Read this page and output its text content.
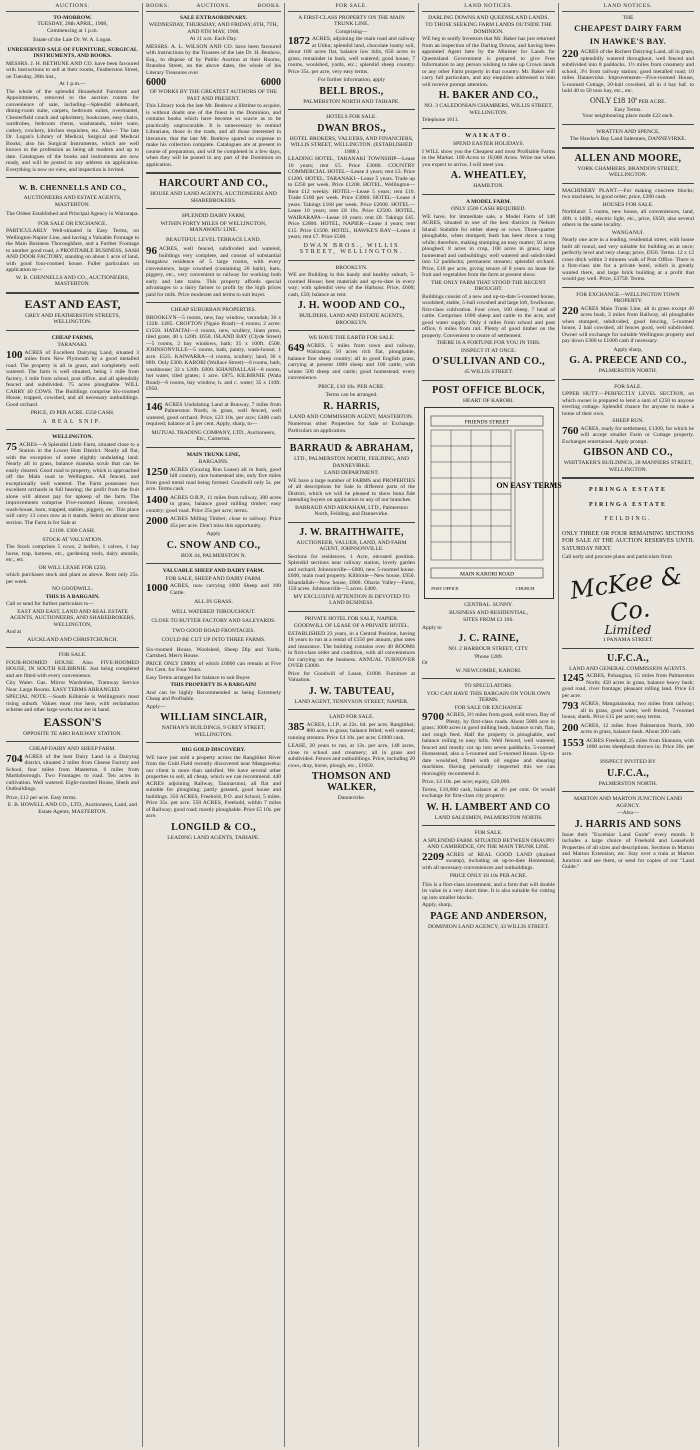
AUCTIONS.
TO-MORROW.
TUESDAY, 28th APRIL, 1908,
Commencing at 1 p.m.
Estate of the Late Dr. W. A. Logan.
UNRESERVED SALE OF FURNITURE, SURGICAL INSTRUMENTS, AND BOOKS.
MESSRS. J. H. BETHUNE AND CO. have been favoured with instructions to sell at their rooms, Featherston Street, on Tuesday, 28th inst.,
At 1 p.m.—
The whole of the splendid Household Furniture and Appointments, removed to the auction rooms for convenience of sale, including—Splendid sideboard, dining-room suite, carpets, bedroom suites, overmantel, Chesterfield couch and upholstery, bookcases, easy chairs, wardrobes, bedroom chests, washstands, toilet ware, cutlery, crockery, kitchen requisites, etc. Also— The late Dr. Logan's Library of Medical, Surgical and Medical Books; also his Surgical Instruments, which are well known to the profession as being all modern and up to date. Catalogues of the books and instruments are now ready, and will be posted to any address on application. Everything is now on view, and inspection is invited.
W. B. CHENNELLS AND CO.,
AUCTIONEERS AND ESTATE AGENTS, MASTERTON.
The Oldest Established and Principal Agency in Wairarapa.
FOR SALE OR EXCHANGE.
PARTICULARLY Well-situated in Easy Terms, on Wellington-Napier Line, and having a Valuable Frontage to the Main Business Thoroughfare, and a Further Frontage to another good road, a PROFITABLE BUSINESS, SASH AND DOOR FACTORY, standing on about 1 acre of land, with good four-roomed house. Fuller particulars on application to—
W. B. CHENNELLS AND CO., AUCTIONEERS, MASTERTON.
EAST AND EAST,
GREY AND FEATHERSTON STREETS, WELLINGTON.
CHEAP FARMS,
TARANAKI.
100 ACRES of Excellent Dairying Land, situated 3 miles from New Plymouth by a good metalled road. The property is all in grass, and completely well watered. The farm is well situated, being 1 mile from factory, 1 mile from school, post office, and all splendidly fenced and subdivided. 75 acres ploughable. WILL CARRY 40 COWS. The Buildings comprise Six-roomed House, trapped, cowshed, and all necessary outbuildings. Good orchard.
PRICE, £9 PER ACRE. £550 CASH.
A REAL SNIP.
WELLINGTON.
75 ACRES—A Splendid Little Farm, situated close to a Station in the Lower Hutt District. Nearly all flat, with the exception of some slightly undulating land. Nearly all in grass, balance manuka scrub that can be easily cleared. Good road to property, which is approached off the Main road to Wellington. All fenced, and exceptionally well watered. The Farm possesses two excellent orchards in full bearing; the profit from the fruit alone will almost pay for upkeep of the farm. The improvements comprise Five-roomed House, cowshed, wash-house, barn, trapped, stables, piggery, etc. This place will carry 13 cows now as it stands. Select on almost next section. The Farm is for Sale at
£1100. £300 CASH.
STOCK AT VALUATION.
The Stock comprises 5 cows, 2 heifers, 1 calves, 1 bay horse, trap, harness, etc., gardening tools, dairy utensils, etc., etc.
OR WILL LEASE FOR £250,
which purchases stock and plant as above. Rent only 25s. per week.
NO GOODWILL.
THIS IS A BARGAIN.
Call or send for further particulars to—
EAST AND EAST, LAND AND REAL ESTATE AGENTS, AUCTIONEERS, AND SHAREBROKERS, WELLINGTON,
And at
AUCKLAND AND CHRISTCHURCH.
FOR SALE.
FOUR-ROOMED HOUSE. Also FIVE-ROOMED HOUSE, IN SOUTH KILBIRNIE. Just being completed and are fitted with every convenience.
City Water. Gas. Mirror Wardrobes, Tramway Service Near. Large Rooms. EASY TERMS ARRANGED.
SPECIAL NOTE.—South Kilbirnie is Wellington's most rising suburb. Values must rise here, with reclamation scheme and other large works that are in hand.
EASSON'S
OPPOSITE TE ARO RAILWAY STATION.
CHEAP DAIRY AND SHEEP FARM.
704 ACRES of the best Dairy Land in a Dairying district, situated 2 miles from Cheese Factory and School, four miles from Masterton. 6 miles from Martinborough. Two Frontages to road. Ten acres in cultivation. Well watered. Eight-roomed House, Sheds and Outbuildings.
Price, £12 per acre. Easy terms.
E. B. HOWELL AND CO., LTD., Auctioneers, Land, and Estate Agents, MASTERTON.
BOOKS.	AUCTIONS.	BOOKS.
SALE EXTRAORDINARY.
WEDNESDAY, THURSDAY, AND FRIDAY, 6TH, 7TH, AND 8TH MAY, 1908.
At 11 a.m. Each Day.
MESSRS. A. L. WILSON AND CO. have been favoured with instructions by the Trustees of the late Dr. H. Benhow, Esq., to dispose of by Public Auction at their Rooms, Brandon Street, on the above dates, the whole of his Literary Treasures over
6000	6000
OF WORKS BY THE GREATEST AUTHORS OF THE PAST AND PRESENT.
This Library took the late Mr. Benbow a lifetime to acquire, is without doubt one of the finest in the Dominion, and contains books which have become so scarce as to be practically unprocurable. It is unnecessary to remind Librarians, those in the trade, and all those interested in literature, that the late Mr. Benbow spared no expense to make his collection complete. Catalogues are at present in course of preparation, and will be completed in a few days, when they will be posted to any part of the Dominion on application.
HARCOURT AND CO.,
HOUSE AND LAND AGENTS, AUCTIONEERS AND SHAREBROKERS.
SPLENDID DAIRY FARM,
WITHIN FORTY MILES OF WELLINGTON, MANAWATU LINE.
BEAUTIFUL LEVEL TERRACE LAND.
96 ACRES, well fenced, subdivided and watered, buildings very complete, and consist of substantial bungalow residence of 5 large rooms, with every convenience, large cowshed (containing 20 bails), barn, piggery, etc., very convenient to railway for working both early and late trains. This property affords special advantages to a dairy farmer to profit by the high prices paid for milk. Price moderate and terms to suit buyer.
CHEAP SUBURBAN PROPERTIES.
BROOKLYN—5 rooms, new, bay window, verandah; 36 x 132ft. £485. CROFTON (Ngaio Road)—4 rooms; 2 acres. £1550. HATAITAI—4 rooms, new, scullery, linen press, tiled grate; 40 x 120ft. £650. ISLAND BAY (Clyde Street)—5 rooms, 2 bay windows, bath; 35 x 100ft. £500. JOHNSONVILLE—5 rooms, bath, pantry, wash-house; 1 acre. £525. KAIWARRA—4 rooms, scullery; land, 30 x 88ft. Only £300. KARORI (Wallace Street)—6 rooms, bath, washhouse; 33 x 126ft. £600. KHANDALLAH—8 rooms, hot water, tiled grates; 1 acre. £875. KILBIRNIE (Wala Road)—6 rooms, bay window, h. and c. water; 35 x 110ft. £950.
146 ACRES Undulating Land at Runway, 7 miles from Palmerston North; in grass, well fenced, well watered, good orchard. Price, £23 10s. per acre; £400 cash required; balance at 5 per cent. Apply, sharp, to—
MUTUAL TRADING COMPANY, LTD., Auctioneers, Etc., Carterton.
MAIN TRUNK LINE,
BARGAINS.
1250 ACRES (Grazing Run Lease) all in bush, good hill country, nice homestead site, only five miles from good metal road being formed. Goodwill only 5s. per acre. Terms cash.
1400 ACRES O.R.P., 11 miles from railway, 300 acres in grass, balance good milling timber; easy country; good road. Price 25s per acre; terms.
2000 ACRES Milling Timber, close to railway. Price 45s per acre. Don't miss this opportunity.
Apply
C. SNOW AND CO.,
BOX 44, PALMERSTON N.
VALUABLE SHEEP AND DAIRY FARM.
FOR SALE, SHEEP AND DAIRY FARM.
1000 ACRES, now carrying 1600 Sheep and 100 Cattle.
ALL IN GRASS.
WELL WATERED THROUGHOUT.
CLOSE TO BUTTER FACTORY AND SALEYARDS.
TWO GOOD ROAD FRONTAGES.
COULD BE CUT UP INTO THREE FARMS.
Six-roomed House, Woolshed, Sheep Dip and Yards, Cartshed, Men's House.
PRICE ONLY £8000; of which £6000 can remain at Five Per Cent. for Four Years.
Easy Terms arranged for balance to suit Buyer.
THIS PROPERTY IS A BARGAIN!
And can be highly Recommended as being Extremely Cheap and Profitable.
Apply—
WILLIAM SINCLAIR,
NATHAN'S BUILDINGS, 9 GREY STREET, WELLINGTON.
BIG GOLD DISCOVERY.
WE have just sold a property across the Rangitikei River from the Gold Field recently discovered near Mangaweka; our client is more than satisfied. We have several other properties to sell, all cheap, which we can recommend. 440 ACRES adjoining Railway, Taumarunui, all flat and suitable for ploughing; partly grassed, good house and buildings. 350 ACRES, Freehold, P.O. and School, 5 miles. Price 35s. per acre. 550 ACRES, Freehold, within 7 miles of Railway; good road; mostly ploughable. Price £5 10s. per acre.
LONGILD & CO.,
LEADING LAND AGENTS, TAIHAPE.
FOR SALE.
A FIRST-CLASS PROPERTY ON THE MAIN TRUNK LINE.
Comprising—
1872 ACRES, adjoining the main road and railway at Utiku; splendid land, chocolate loamy soil, about 180 acres flat, balance low hills, 650 acres in grass, remainder in bush, well watered; good house, 7 rooms, woolshed, yards, etc.; splendid sheep country. Price 35s. per acre, very easy terms.
For further information, apply
BELL BROS.,
PALMERSTON NORTH AND TAIHAPE.
HOTELS FOR SALE.
DWAN BROS.,
HOTEL BROKERS, VALUERS, AND FINANCIERS, WILLIS STREET, WELLINGTON. (ESTABLISHED 1888.)
LEADING HOTEL, TARANAKI TOWNSHIP—Lease 10 years; rent £5. Price £3000. COUNTRY COMMERCIAL HOTEL—Lease 4 years; rent £3. Price £1200. HOTEL, TARANAKI—Lease 5 years. Trade up to £250 per week. Price £1200. HOTEL, Wellington—Rent £12 weekly. HOTEL—Lease 5 years; rent £10. Trade £100 per week. Price £3000. HOTEL—Lease 4 years. Takings £168 per week. Price £2600. HOTEL—Lease 10 years; rent £8 10s. Price £2500. HOTEL, WAIRARAPA—Lease 10 years; rent £8. Takings £45. Price £2800. HOTEL, NAPIER—Lease 4 years; rent £15. Price £1500. HOTEL, HAWKE'S BAY—Lease 4 years; rent £7. Price £500.
DWAN BROS., WILLIS STREET, WELLINGTON.
BROOKLYN.
WE are Building in this handy and healthy suburb, 5-roomed House; best materials and up-to-date in every way; with splendid view of the Harbour. Price, £600; cash, £50; balance as rent.
J. H. WOOD AND CO.,
BUILDERS, LAND AND ESTATE AGENTS, BROOKLYN.
WE HAVE THE EARTH FOR SALE.
649 ACRES, 5 miles from town and railway, Wairarapa; 50 acres rich flat, ploughable, balance fine sheep country; all in good English grass, carrying at present 1000 sheep and 100 cattle, with winter 500 sheep and cattle; good homestead; every convenience.
PRICE, £10 10s. PER ACRE.
Terms can be arranged.
R. HARRIS,
LAND AND COMMISSION AGENT, MASTERTON.
Numerous other Properties for Sale or Exchange. Particulars on application.
BARRAUD & ABRAHAM,
LTD., PALMERSTON NORTH, FEILDING, AND DANNEVIRKE.
LAND DEPARTMENT.
WE have a large number of FARMS and PROPERTIES of all descriptions for Sale in different parts of the District, which we will be pleased to show bona fide intending buyers on application to any of our branches.
BARRAUD AND ABRAHAM, LTD., Palmerston North, Feilding, and Dannevirke.
J. W. BRAITHWAITE,
AUCTIONEER, VALUER, LAND, AND FARM AGENT, JOHNSONVILLE.
Sections for residences. 1 Acre, elevated position. Splendid sections near railway station, lovely garden and orchard. Johnsonville—£600, new 5-roomed house. £600, main road property. Kilbirnie—New house, £950. Khandallah—Now house, £800. Ohariu Valley—Farm, 150 acres. Johnsonville—5 acres. £400.
MY EXCLUSIVE ATTENTION IS DEVOTED TO LAND BUSINESS.
PRIVATE HOTEL FOR SALE, NAPIER.
GOODWILL OF LEASE OF A PRIVATE HOTEL.
ESTABLISHED 23 years, in a Central Position, having 18 years to run at a rental of £156 per annum, plus rates and insurance. The building contains over 40 ROOMS in first-class order and condition, with all conveniences for carrying on the business. ANNUAL TURNOVER OVER £3000.
Price for Goodwill of Lease, £1000. Furniture at Valuation.
J. W. TABUTEAU,
LAND AGENT, TENNYSON STREET, NAPIER.
LAND FOR SALE.
385 ACRES, L.I.P., at 22s. 6d. per acre, Rangitikei; 800 acres in grass; balance felled; well watered; running streams. Price £4 10s. per acre; £1000 cash.
LEASE, 20 years to run, at 12s. per acre, 148 acres, close to school and creamery; all in grass and subdivided. Fences and outbuildings. Price, including 20 cows, dray, horse, plough, etc., £1050.
THOMSON AND WALKER,
Dannevirke.
LAND NOTICES.
DARLING DOWNS AND QUEENSLAND LANDS.
TO THOSE SEEKING FARM LANDS OUTSIDE THE DOMINION.
WE beg to notify Investors that Mr. Baker has just returned from an inspection of the Darling Downs, and having been appointed Agent here by the Minister for Lands for Queensland Government is prepared to give Free Information to any person wishing to take up Crown lands or any other Farm property in that country. Mr. Baker will carry full particulars, and any enquiries addressed to him will receive prompt attention.
H. BAKER AND CO.,
NO. 3 CALEDONIAN CHAMBERS, WILLIS STREET, WELLINGTON.
Telephone 1611.
WAIKATO.
SPEND EASTER HOLIDAYS.
I WILL show you the Cheapest and most Profitable Farms in the Market. 100 Acres to 10,000 Acres. Write me when you expect to arrive, I will meet you.
A. WHEATLEY,
HAMILTON.
A MODEL FARM.
ONLY £500 CASH REQUIRED.
WE have, for immediate sale, a Model Farm of 140 ACRES, situated in one of the best districts in Nelson Island. Suitable for either sheep or cows. Three-quarter ploughable, when stumped; bush has been down a long while; therefore, making stumping an easy matter; 50 acres ploughed; 8 acres in crop, 100 acres in grass; large homestead and outbuildings; well watered and subdivided into 12 paddocks; permanent streams; splendid orchard. Price, £10 per acre, giving tenure of 8 years on lease for fruit and vegetables from the farm at present show.
THE ONLY FARM THAT STOOD THE RECENT DROUGHT.
Buildings consist of a new and up-to-date 5-roomed house, woolshed, stable, 5-bail cowshed and large loft, fowlhouse, first-class cultivation. Four cows, 100 sheep, 7 head of cattle. Comprises 1600 sheep and cattle to the acre, and good water supply. Only 4 miles from school and post office, 6 miles from rail. Plenty of good timber on the property. Convenient to centre of settlement.
THERE IS A FORTUNE FOR YOU IN THIS.
INSPECT IT AT ONCE.
O'SULLIVAN AND CO.,
45 WILLIS STREET.
POST OFFICE BLOCK,
HEART OF KARORI.
FRIENDS STREET
ON EASY TERMS
MAIN KARORI ROAD
POST OFFICE	CHURCH
CENTRAL. SUNNY.
BUSINESS AND RESIDENTIAL,
SITES FROM £3 10S.
Apply to
J. C. RAINE,
NO. 2 HARBOUR STREET, CITY.
'Phone 1289.
Or
W. NEWCOMBE, KARORI.
TO SPECULATORS.
YOU CAN HAVE THIS BARGAIN ON YOUR OWN TERMS.
FOR SALE OR EXCHANGE
9700 ACRES, 3½ miles from good, sold town, Bay of Plenty, by first-class roads. About 5000 acre in grass; 3000 acres in good milling bush, balance scrub, flax, and rough feed. Half the property is ploughable, and balance rolling to easy hills. Well fenced, well watered, fenced and mostly cut up into seven paddocks. 5-roomed Homestead, also a 5-roomed and 5-roomed House. Up-to-date woolshed, fitted with oil engine and shearing machines. Having personally inspected this we can thoroughly recommend it.
Price, £4 10s. per acre; equity, £20,000.
Terms, £10,000 cash, balance at 4½ per cent. Or would exchange for first-class city property.
W. H. LAMBERT AND CO
LAND SALESMEN, PALMERSTON NORTH.
FOR SALE.
A SPLENDID FARM. SITUATED BETWEEN OHAUPO AND CAMBRIDGE, ON THE MAIN TRUNK LINE.
2209 ACRES of REAL GOOD LAND (drained swamp), including an up-to-date Homestead, with all necessary conveniences and outbuildings.
PRICE ONLY £8 10s PER ACRE.
This is a first-class investment, and a farm that will double its value in a very short time. It is also suitable for cutting up into smaller blocks.
Apply, sharp,
PAGE AND ANDERSON,
DOMINION LAND AGENCY, 43 WILLIS STREET.
LAND NOTICES.
THE
CHEAPEST DAIRY FARM
IN HAWKE'S BAY.
220 ACRES of the Richest Dairying Land, all in grass, splendidly watered throughout, well fenced and subdivided into 8 paddocks. 1½ miles from creamery and school, 3½ from railway station; good metalled road; 10 miles Dannevirke. Improvements—Five-roomed House, 5-roomed Cottage, 20-bail cowshed, all in 4 bay baf. to hold 40 to 50 tons hay, etc., etc.
ONLY £18 10$^s$ PER ACRE.
Easy Terms.
Your neighbouring place made £22 each.
WRATTEN AND SPENCE,
The Hawke's Bay Land Salesmen, DANNEVIRKE.
ALLEN AND MOORE,
YORK CHAMBERS, BRANDON STREET, WELLINGTON.
MACHINERY PLANT.—For making concrete blocks; two machines, in good order; price, £200 cash.
HOUSES FOR SALE.
Northland: 5 rooms, new house, all conveniences, land, 40ft. x 140ft.; electric light, etc., price, £650; also several others in the same locality.
WANGANUI.
Nearly one acre in a leading, residential street, with house built all round, and very suitable for building on at once; perfectly level and very cheap; price, £950. Terms. 12 x 12 cross ditch within 3 minutes walk of Post Office. There is a first-class site for a private hotel, which is greatly wanted there, and large brick building at a profit that would pay well. Price, £3750. Terms.
FOR EXCHANGE—WELLINGTON TOWN PROPERTY.
220 ACRES Main Trunk Line, all in grass except 40 acres bush, 3 miles from Railway, all ploughable when stumped, subdivided, good fencing, 5-roomed house, 2 bail cowshed, all fences good, well subdivided. Owner will exchange for suitable Wellington property and pay down £300 to £1000 cash if necessary.
Apply sharp,
G. A. PREECE AND CO.,
PALMERSTON NORTH.
FOR SALE.
UPPER HUTT.—PERFECTLY LEVEL SECTION, on which owner is prepared to lend a sum of £250 to anyone erecting cottage. Splendid chance for anyone to make a home of their own.
SHEEP RUN.
760 ACRES, ready for settlement, £1300, for which he will accept smaller Farm or Cottage property. Exchanges entertained. Apply prompt.
GIBSON AND CO.,
WHITTAKER'S BUILDINGS, 28 MANNERS STREET, WELLINGTON.
PIRINGA ESTATE
PIRINGA ESTATE
FEILDING.
ONLY THREE OR FOUR REMAINING SECTIONS FOR SALE AT THE AUCTION RESERVES UNTIL SATURDAY NEXT.
Call early and procure plans and particulars from
McKee & Co.
Limited
1 PANAMA STREET.
U.F.C.A.,
LAND AND GENERAL COMMISSION AGENTS.
1245 ACRES, Pohangina, 15 miles from Palmerston North; 450 acres in grass, balance heavy bush; good road, river frontage; pleasant rolling land. Price £4 per acre.
793 ACRES, Mangatainoka, two miles from railway; all in grass, good water, well fenced, 7-roomed house, sheds. Price £15 per acre; easy terms.
200 ACRES, 12 miles from Palmerston North, 100 acres in grass, balance bush. About 200 cash.
1553 ACRES Freehold, 25 miles from Shannon, with 1000 acres sheepbush thrown in; Price 20s. per acre.
INSPECT INVITED BY
U.F.C.A.,
PALMERSTON NORTH.
MARTON AND MARTON JUNCTION LAND AGENCY.
—Also—
J. HARRIS AND SONS
Issue their "Excelsior Land Guide" every month. It includes a large choice of Freehold and Leasehold Properties of all sizes and descriptions. Sections in Marton and Marton Extension, etc. Stay over a train at Marton Junction and see them, or send for copies of our "Land Guide."
